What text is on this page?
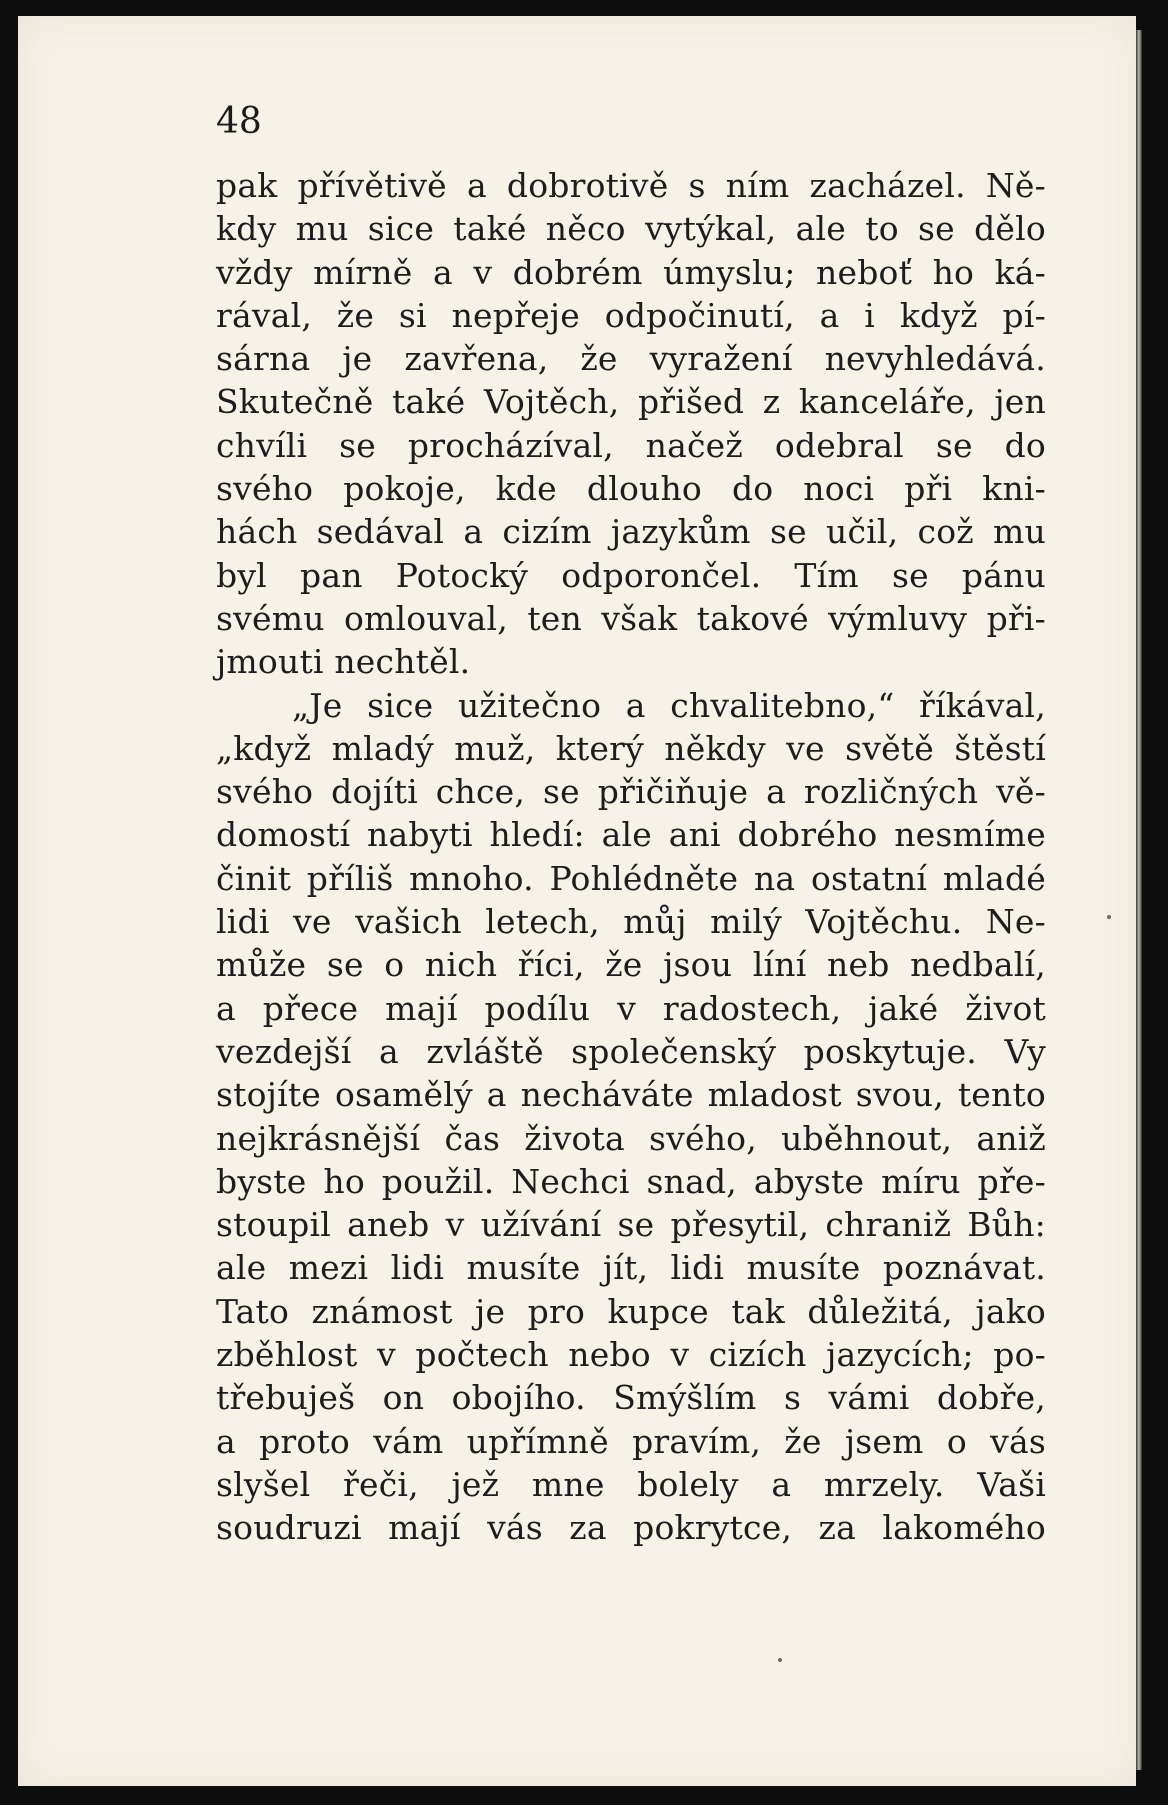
48

pak přívětivě a dobrotivě s ním zacházel. Ně-
kdy mu sice také něco vytýkal, ale to se dělo
vždy mírně a v dobrém úmyslu; neboť ho ká-
rával, že si nepřeje odpočinutí, a i když pí-
sárna je zavřena, že vyražení nevyhledává.
Skutečně také Vojtěch, přišed z kanceláře, jen
chvíli se procházíval, načež odebral se do
svého pokoje, kde dlouho do noci při kni-
hách sedával a cizím jazykům se učil, což mu
byl pan Potocký odporončel. Tím se pánu
svému omlouval, ten však takové výmluvy při-
jmouti nechtěl.
„Je sice užitečno a chvalitebno,“ říkával,
„když mladý muž, který někdy ve světě štěstí
svého dojíti chce, se přičiňuje a rozličných vě-
domostí nabyti hledí: ale ani dobrého nesmíme
činit příliš mnoho. Pohlédněte na ostatní mladé
lidi ve vašich letech, můj milý Vojtěchu. Ne-
může se o nich říci, že jsou líní neb nedbalí,
a přece mají podílu v radostech, jaké život
vezdejší a zvláště společenský poskytuje. Vy
stojíte osamělý a necháváte mladost svou, tento
nejkrásnější čas života svého, uběhnout, aniž
byste ho použil. Nechci snad, abyste míru pře-
stoupil aneb v užívání se přesytil, chraniž Bůh:
ale mezi lidi musíte jít, lidi musíte poznávat.
Tato známost je pro kupce tak důležitá, jako
zběhlost v počtech nebo v cizích jazycích; po-
třebuješ on obojího. Smýšlím s vámi dobře,
a proto vám upřímně pravím, že jsem o vás
slyšel řeči, jež mne bolely a mrzely. Vaši
soudruzi mají vás za pokrytce, za lakomého
